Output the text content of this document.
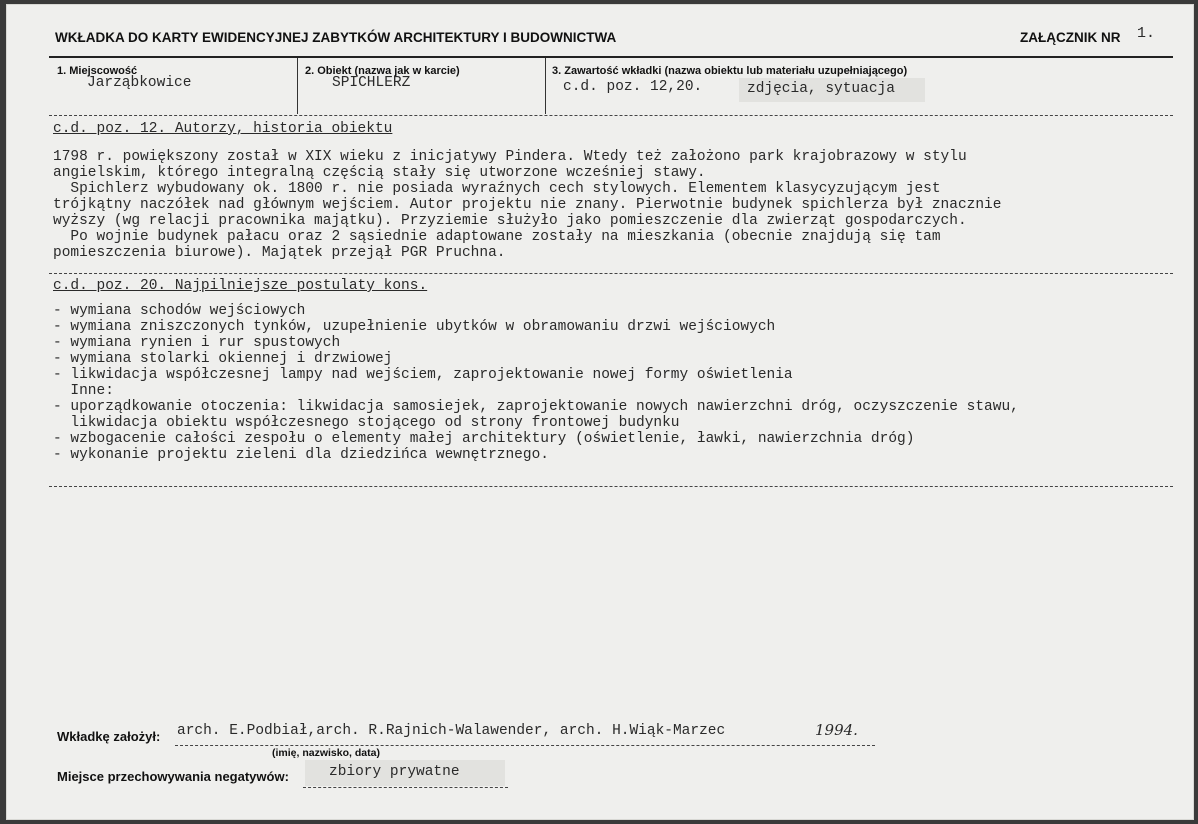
WKŁADKA DO KARTY EWIDENCYJNEJ ZABYTKÓW ARCHITEKTURY I BUDOWNICTWA	ZAŁĄCZNIK NR 1.
1. Miejscowość
Jarząbkowice
2. Obiekt (nazwa jak w karcie)
SPICHLERZ
3. Zawartość wkładki (nazwa obiektu lub materiału uzupełniającego)
c.d. poz. 12,20.	zdjęcia, sytuacja
c.d. poz. 12. Autorzy, historia obiektu
1798 r. powiększony został w XIX wieku z inicjatywy Pindera. Wtedy też założono park krajobrazowy w stylu
angielskim, którego integralną częścią stały się utworzone wcześniej stawy.
Spichlerz wybudowany ok. 1800 r. nie posiada wyraźnych cech stylowych. Elementem klasycyzującym jest
trójkątny naczółek nad głównym wejściem. Autor projektu nie znany. Pierwotnie budynek spichlerza był znacznie
wyższy (wg relacji pracownika majątku). Przyziemie służyło jako pomieszczenie dla zwierząt gospodarczych.
Po wojnie budynek pałacu oraz 2 sąsiednie adaptowane zostały na mieszkania (obecnie znajdują się tam
pomieszczenia biurowe). Majątek przejął PGR Pruchna.
c.d. poz. 20. Najpilniejsze postulaty kons.
- wymiana schodów wejściowych
- wymiana zniszczonych tynków, uzupełnienie ubytków w obramowaniu drzwi wejściowych
- wymiana rynien i rur spustowych
- wymiana stolarki okiennej i drzwiowej
- likwidacja współczesnej lampy nad wejściem, zaprojektowanie nowej formy oświetlenia
Inne:
- uporządkowanie otoczenia: likwidacja samosiejek, zaprojektowanie nowych nawierzchni dróg, oczyszczenie stawu,
likwidacja obiektu współczesnego stojącego od strony frontowej budynku
- wzbogacenie całości zespołu o elementy małej architektury (oświetlenie, ławki, nawierzchnia dróg)
- wykonanie projektu zieleni dla dziedzińca wewnętrznego.
Wkładkę założył: arch. E.Podbiał,arch. R.Rajnich-Walawender, arch. H.Wiąk-Marzec	1994.
(imię, nazwisko, data)
Miejsce przechowywania negatywów:	zbiory prywatne
